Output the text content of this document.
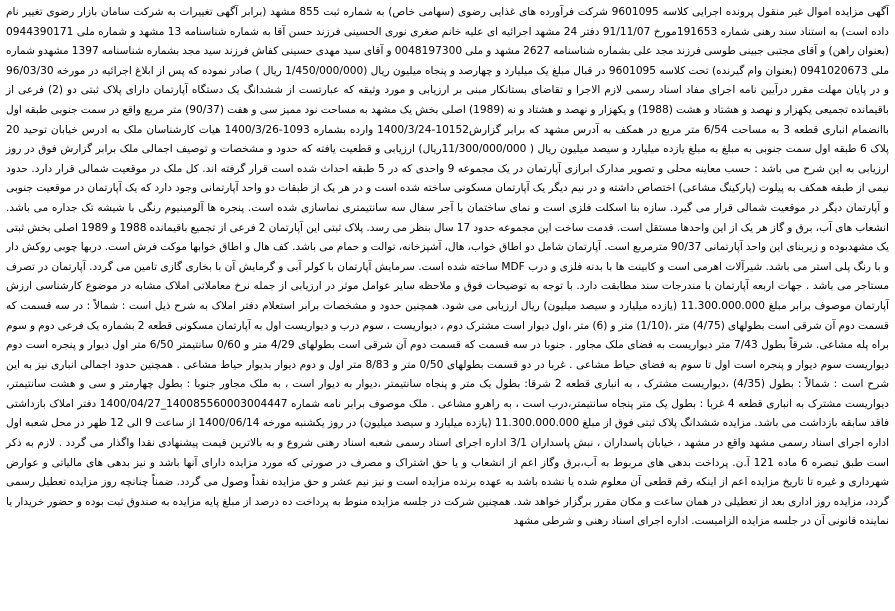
آگهی مزایده اموال غیر منقول پرونده اجرایی کلاسه 9601095 شرکت فرآورده های غذایی رضوی (سهامی خاص) به شماره ثبت 855 مشهد (برابر آگهی تغییرات به شرکت سامان بازار رضوی تغییر نام داده است) به استناد سند رهنی شماره 191653مورخ 91/11/07 دفتر 24 مشهد اجرائیه ای علیه خانم صغری نوری الحسینی فرزند حسن آقا به شماره شناسنامه 13 مشهد و شماره ملی 0944390171 (بعنوان راهن) و آقای مجتبی جبینی طوسی فرزند مجد علی بشماره شناسنامه 2627 مشهد و ملی 0048197300 و آقای سید مهدی حسینی کفاش فرزند سید مجد بشماره شناسنامه 1397 مشهدو شماره ملی 0941020673 (بعنوان وام گیرنده) تحت کلاسه 9601095 در قبال مبلغ یک میلیارد و چهارصد و پنجاه میلیون ریال (1/450/000/000 ریال ) صادر نموده که پس از ابلاغ اجرائیه در مورخه 96/03/30 و در پایان مهلت مقرر درآیین نامه اجرای مفاد اسناد رسمی لازم الاجرا و تقاضای بستانکار مبنی بر ارزیابی و مورد وثیقه که عبارتست از ششدانگ یک دستگاه آپارتمان دارای پلاک ثبتی دو (2) فرعی از باقیمانده تجمیعی یکهزار و نهصد و هشتاد و هشت (1988) و یکهزار و نهصد و هشتاد و نه (1989) اصلی بخش یک مشهد به مساحت نود ممیز سی و هفت (90/37) متر مربع واقع در سمت جنوبی طبقه اول باانضمام انباری قطعه 3 به مساحت 6/54 متر مربع در همکف به آدرس مشهد که برابر گزارش10152-1400/3/24 وارده بشماره 1093-1400/3/26 هیات کارشناسان ملک به ادرس خیابان توحید 20 پلاک 6 طبقه اول سمت جنوبی به مبلغ به مبلغ یازده میلیارد و سیصد میلیون ریال ( 11/300/000/000ریال) ارزیابی و قطعیت یافته که حدود و مشخصات و توصیف اجمالی ملک برابر گزارش فوق در روز ارزیابی به این شرح می باشد : حسب معاینه محلی و تصویر مدارک ابرازی آپارتمان در یک مجموعه 9 واحدی که در 5 طبقه احداث شده است قرار گرفته اند. کل ملک در موقعیت شمالی قرار دارد. حدود نیمی از طبقه همکف به پیلوت (پارکینگ مشاعی) اختصاص داشته و در نیم دیگر یک آپارتمان مسکونی ساخته شده است و در هر یک از طبقات دو واحد آپارتمانی وجود دارد که یک آپارتمان در موقعیت جنوبی و آپارتمان دیگر در موقعیت شمالی قرار می گیرد. سازه بنا اسکلت فلزی است و نمای ساختمان با آجر سفال سه سانتیمتری نماسازی شده است. پنجره ها آلومینیوم رنگی با شیشه تک جداره می باشد. انشعاب های آب، برق و گاز هر یک از این واحدها مستقل است. قدمت ساخت این مجموعه حدود 17 سال بنظر می رسد. پلاک ثبتی این آپارتمان 2 فرعی از تجمیع باقیمانده 1988 و 1989 اصلی بخش ثبتی یک مشهدبوده و زیربنای این واحد آپارتمانی 90/37 مترمربع است. آپارتمان شامل دو اطاق خواب، هال، آشپزخانه، توالت و حمام می باشد. کف هال و اطاق خوابها موکت فرش است. دربها چوبی روکش دار و با رنگ پلی استر می باشد. شیرآلات اهرمی است و کابینت ها با بدنه فلزی و درب MDF ساخته شده است. سرمایش آپارتمان با کولر آبی و گرمایش آن با بخاری گازی تامین می گردد. آپارتمان در تصرف مستاجر می باشد . جهات اربعه آپارتمان با مندرجات سند مطابقت دارد. با توجه به توضیحات فوق و ملاحظه سایر عوامل موثر در ارزیابی از جمله نرخ معاملاتی املاک مشابه در موضوع کارشناسی ارزش آپارتمان موصوف برابر مبلغ 11.300.000.000 (یازده میلیارد و سیصد میلیون) ریال ارزیابی می شود. همچنین حدود و مشخصات برابر استعلام دفتر املاک به شرح ذیل است : شمالاً : در سه قسمت که قسمت دوم آن شرقی است بطولهای (4/75) متر ،(1/10) متر و (6) متر ،اول دیوار است مشترک دوم ، دیواریست ، سوم درب و دیواریست اول به آپارتمان مسکونی قطعه 2 بشماره یک فرعی دوم و سوم براه پله مشاعی. شرقاً بطول 7/43 متر دیواریست به فضای ملک مجاور . جنوبا در سه قسمت که قسمت دوم آن شرقی است بطولهای 4/29 متر و 0/60 سانتیمتر 6/50 متر اول دیوار و پنجره است دوم دیواریست سوم دیوار و پنجره است اول تا سوم به فضای حیاط مشاعی . غربا در دو قسمت بطولهای 0/50 متر و 8/83 متر اول و دوم دیوار بدیوار حیاط مشاعی . همچنین حدود اجمالی انباری نیز به این شرح است : شمالاً : بطول (4/35) ،دیواریست مشترک ، به انباری قطعه 2 شرقا: بطول یک متر و پنجاه سانتیمتر ،دیوار به دیوار است ، به ملک مجاور جنوبا : بطول چهارمتر و سی و هشت سانتیمتر، دیواریست مشترک به انباری قطعه 4 غربا : بطول یک متر پنجاه سانتیمتر،درب است ، به راهرو مشاعی . ملک موصوف برابر نامه شماره 140085560003004447_1400/04/27 دفتر املاک بازداشتی فاقد سابقه بازداشت می باشد. مزایده ششدانگ پلاک ثبتی فوق از مبلغ 11.300.000.000 (یازده میلیارد و سیصد میلیون) در روز یکشنبه مورخه 1400/06/14 از ساعت 9 الی 12 ظهر در محل شعبه اول اداره اجرای اسناد رسمی مشهد واقع در مشهد ، خیابان پاسداران ، نبش پاسداران 3/1 اداره اجرای اسناد رسمی شعبه اسناد رهنی شروع و به بالاترین قیمت پیشنهادی نقدا واگذار می گردد . لازم به ذکر است طبق تبصره 6 ماده 121 آ.ن. پرداخت بدهی های مربوط به آب،برق وگاز اعم از انشعاب و یا حق اشتراک و مصرف در صورتی که مورد مزایده دارای آنها باشد و نیز بدهی های مالیاتی و عوارض شهرداری و غیره تا تاریخ مزایده اعم از اینکه رقم قطعی آن معلوم شده یا نشده باشد به عهده برنده مزایده است و نیز نیم عشر و حق مزایده نقداً وصول می گردد. ضمناً چنانچه روز مزایده تعطیل رسمی گردد، مزایده روز اداری بعد از تعطیلی در همان ساعت و مکان مقرر برگزار خواهد شد. همچنین شرکت در جلسه مزایده منوط به پرداخت ده درصد از مبلغ پایه مزایده به صندوق ثبت بوده و حضور خریدار یا نماینده قانونی آن در جلسه مزایده الزامیست. اداره اجرای اسناد رهنی و شرطی مشهد
